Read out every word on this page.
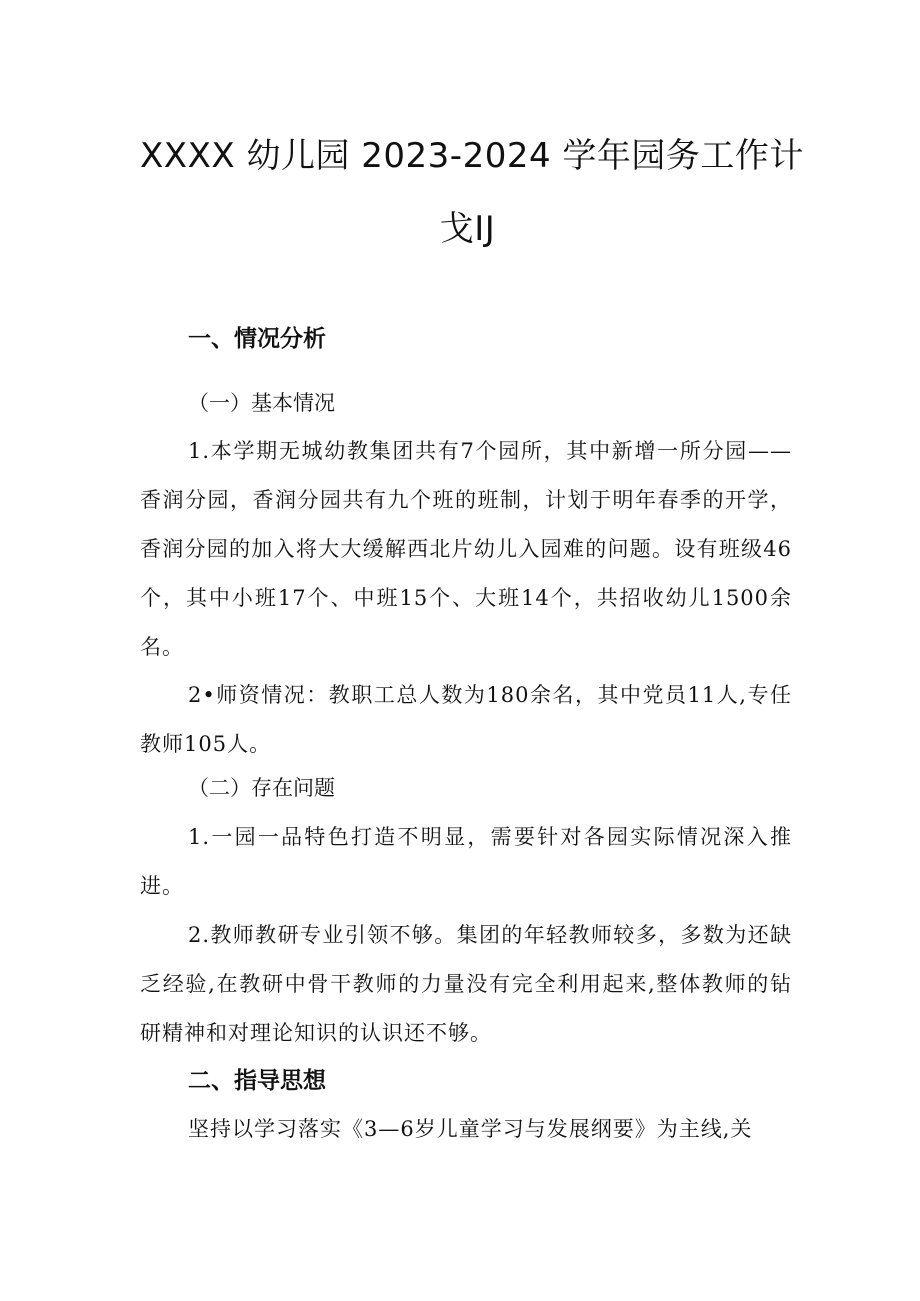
XXXX 幼儿园 2023-2024 学年园务工作计
戈IJ
一、情况分析
（一）基本情况

1.本学期无城幼教集团共有7个园所，其中新增一所分园——香润分园，香润分园共有九个班的班制，计划于明年春季的开学，香润分园的加入将大大缓解西北片幼儿入园难的问题。设有班级46个，其中小班17个、中班15个、大班14个，共招收幼儿1500余名。

2•师资情况：教职工总人数为180余名，其中党员11人,专任教师105人。

（二）存在问题

1.一园一品特色打造不明显，需要针对各园实际情况深入推进。

2.教师教研专业引领不够。集团的年轻教师较多，多数为还缺乏经验,在教研中骨干教师的力量没有完全利用起来,整体教师的钻研精神和对理论知识的认识还不够。

二、指导思想

坚持以学习落实《3—6岁儿童学习与发展纲要》为主线,关
